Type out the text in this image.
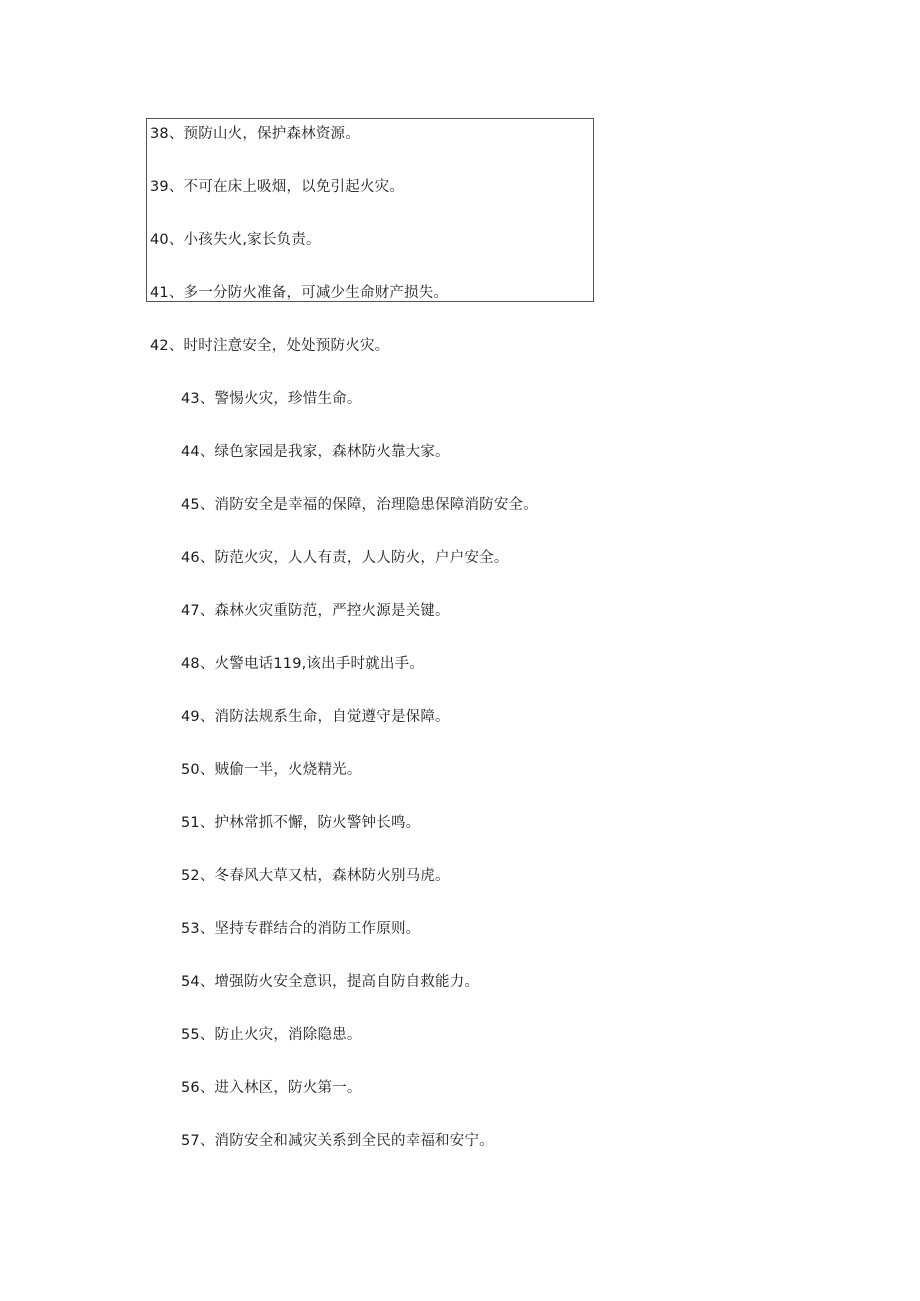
38、预防山火，保护森林资源。
39、不可在床上吸烟，以免引起火灾。
40、小孩失火,家长负责。
41、多一分防火准备，可减少生命财产损失。
42、时时注意安全，处处预防火灾。
43、警惕火灾，珍惜生命。
44、绿色家园是我家，森林防火靠大家。
45、消防安全是幸福的保障，治理隐患保障消防安全。
46、防范火灾，人人有责，人人防火，户户安全。
47、森林火灾重防范，严控火源是关键。
48、火警电话119,该出手时就出手。
49、消防法规系生命，自觉遵守是保障。
50、贼偷一半，火烧精光。
51、护林常抓不懈，防火警钟长鸣。
52、冬春风大草又枯，森林防火别马虎。
53、坚持专群结合的消防工作原则。
54、增强防火安全意识，提高自防自救能力。
55、防止火灾，消除隐患。
56、进入林区，防火第一。
57、消防安全和减灾关系到全民的幸福和安宁。
